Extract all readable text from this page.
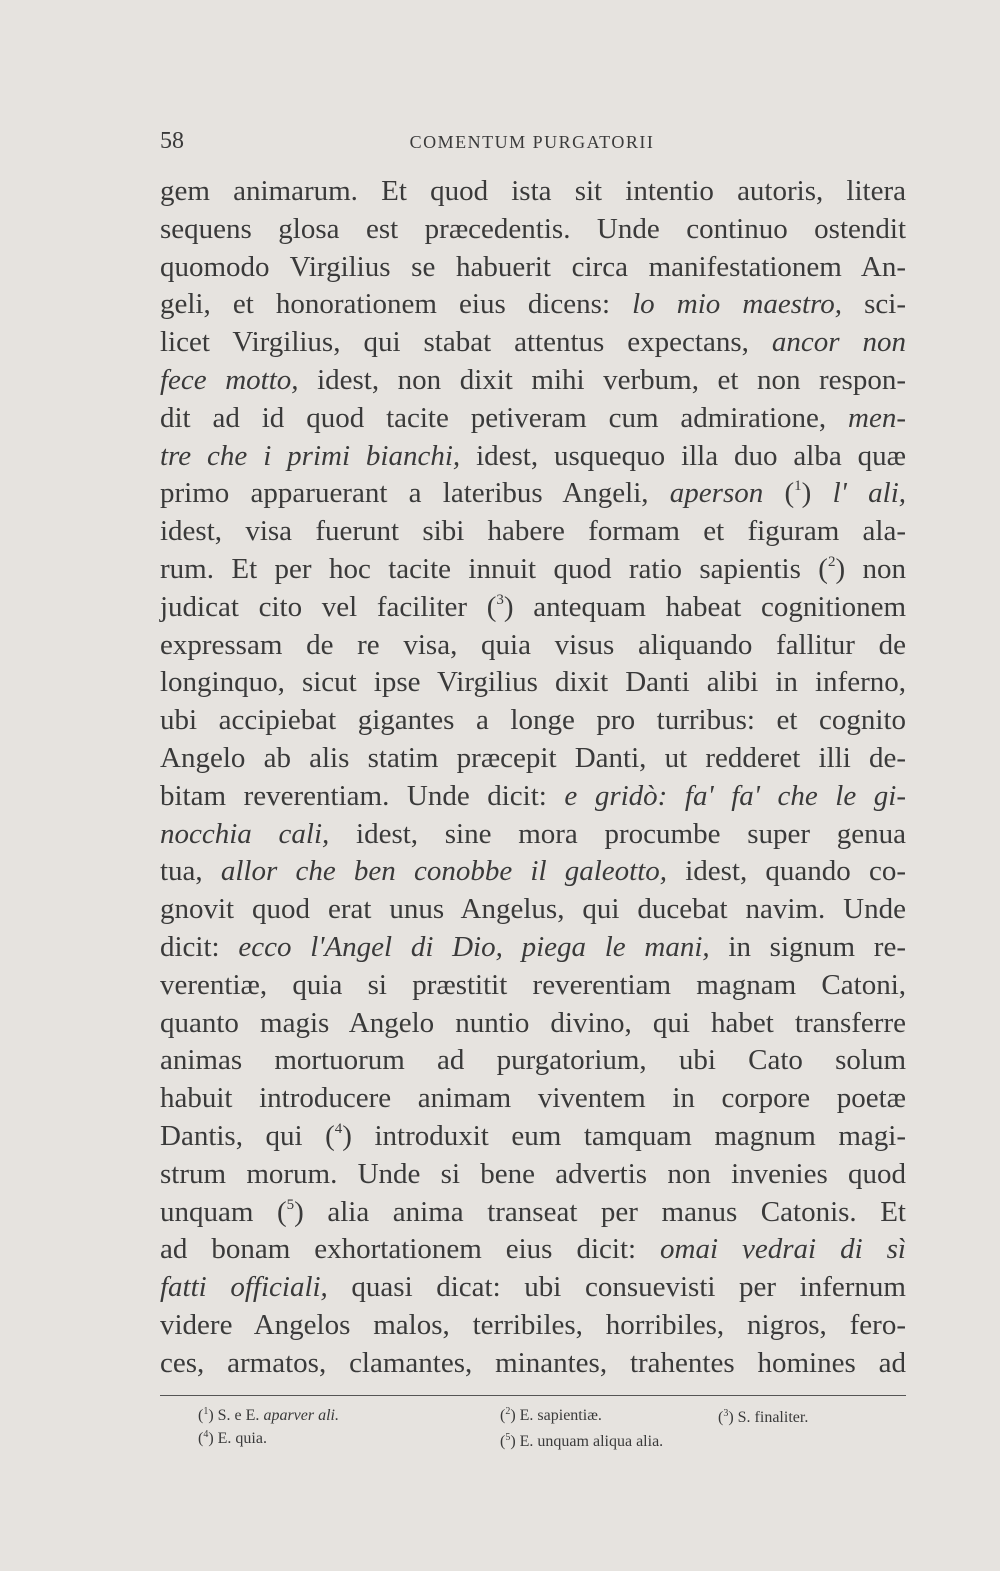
58	COMENTUM PURGATORII
gem animarum. Et quod ista sit intentio autoris, litera
sequens glosa est præcedentis. Unde continuo ostendit
quomodo Virgilius se habuerit circa manifestationem An-
geli, et honorationem eius dicens: lo mio maestro, sci-
licet Virgilius, qui stabat attentus expectans, ancor non
fece motto, idest, non dixit mihi verbum, et non respon-
dit ad id quod tacite petiveram cum admiratione, men-
tre che i primi bianchi, idest, usquequo illa duo alba quæ
primo apparuerant a lateribus Angeli, aperson ($^1$) l' ali,
idest, visa fuerunt sibi habere formam et figuram ala-
rum. Et per hoc tacite innuit quod ratio sapientis ($^2$) non
judicat cito vel faciliter ($^3$) antequam habeat cognitionem
expressam de re visa, quia visus aliquando fallitur de
longinquo, sicut ipse Virgilius dixit Danti alibi in inferno,
ubi accipiebat gigantes a longe pro turribus: et cognito
Angelo ab alis statim præcepit Danti, ut redderet illi de-
bitam reverentiam. Unde dicit: e gridò: fa' fa' che le gi-
nocchia cali, idest, sine mora procumbe super genua
tua, allor che ben conobbe il galeotto, idest, quando co-
gnovit quod erat unus Angelus, qui ducebat navim. Unde
dicit: ecco l'Angel di Dio, piega le mani, in signum re-
verentiæ, quia si præstitit reverentiam magnam Catoni,
quanto magis Angelo nuntio divino, qui habet transferre
animas mortuorum ad purgatorium, ubi Cato solum
habuit introducere animam viventem in corpore poetæ
Dantis, qui ($^4$) introduxit eum tamquam magnum magi-
strum morum. Unde si bene advertis non invenies quod
unquam ($^5$) alia anima transeat per manus Catonis. Et
ad bonam exhortationem eius dicit: omai vedrai di sì
fatti officiali, quasi dicat: ubi consuevisti per infernum
videre Angelos malos, terribiles, horribiles, nigros, fero-
ces, armatos, clamantes, minantes, trahentes homines ad
($^1$) S. e E. aparver ali.	($^2$) E. sapientiæ.	($^3$) S. finaliter.
($^4$) E. quia.	($^5$) E. unquam aliqua alia.
